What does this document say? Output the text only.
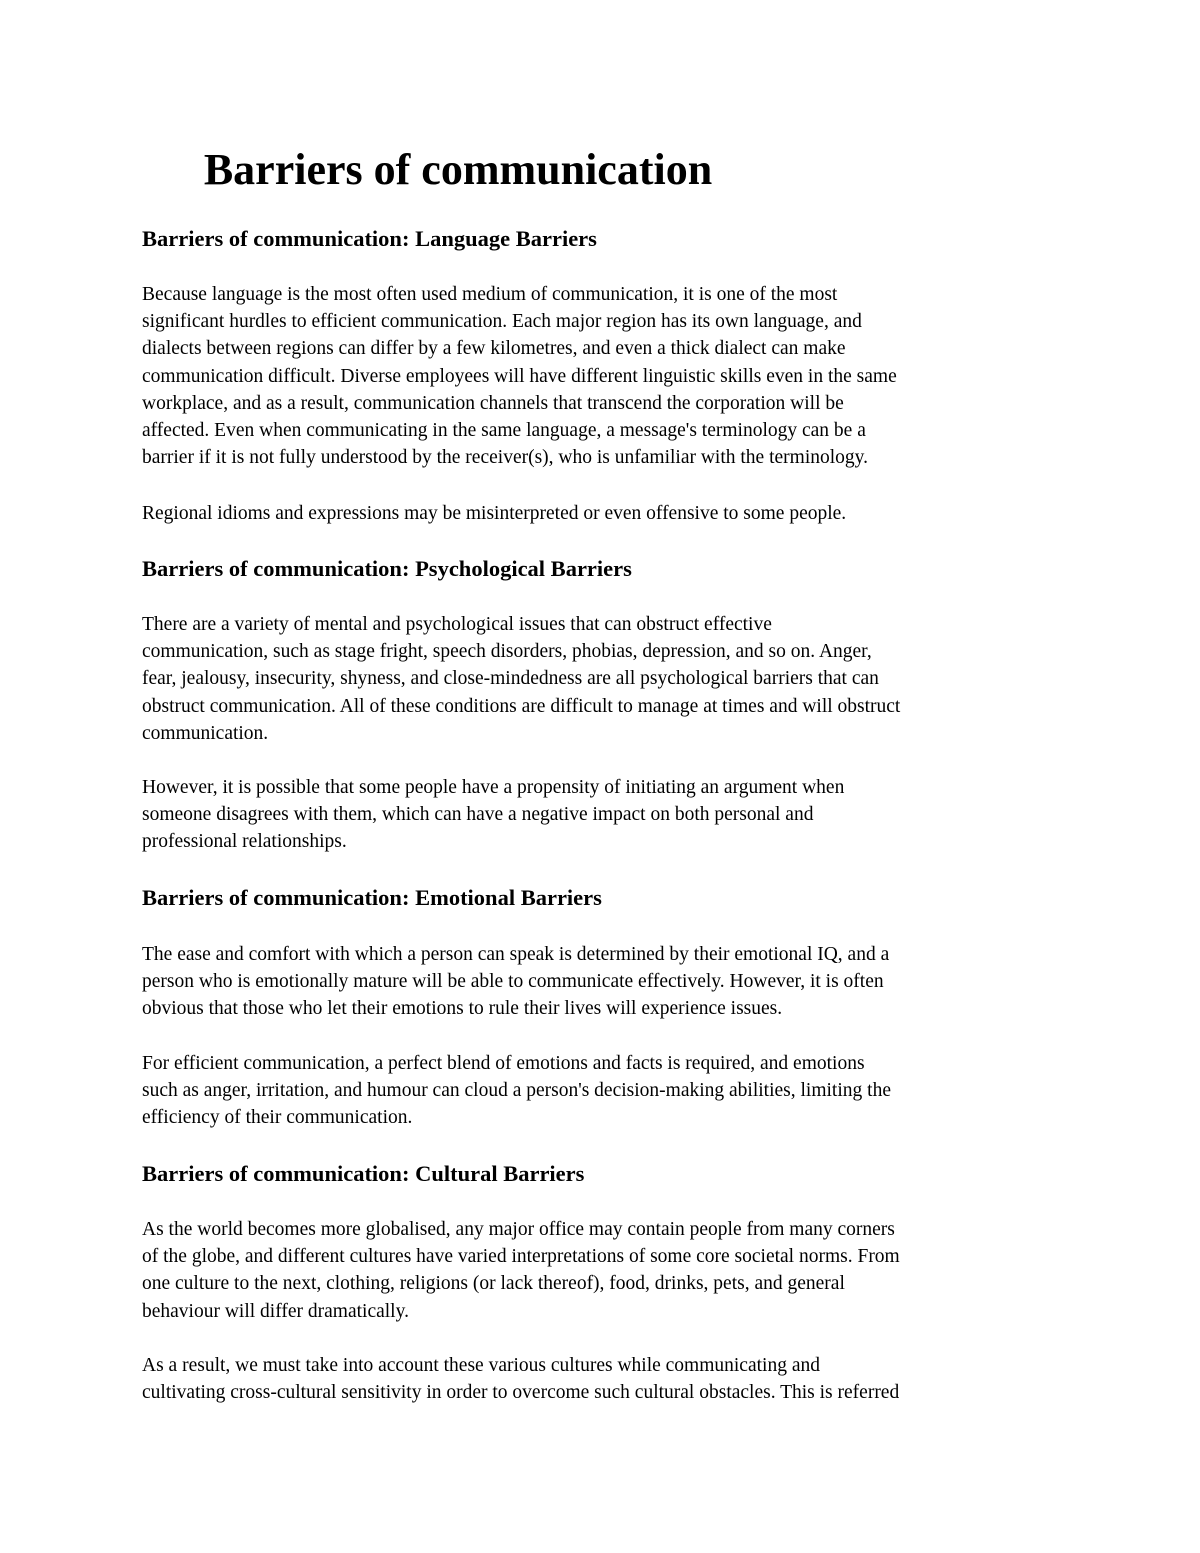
Barriers of communication
Barriers of communication: Language Barriers

Because language is the most often used medium of communication, it is one of the most
significant hurdles to efficient communication. Each major region has its own language, and
dialects between regions can differ by a few kilometres, and even a thick dialect can make
communication difficult. Diverse employees will have different linguistic skills even in the same
workplace, and as a result, communication channels that transcend the corporation will be
affected. Even when communicating in the same language, a message's terminology can be a
barrier if it is not fully understood by the receiver(s), who is unfamiliar with the terminology.

Regional idioms and expressions may be misinterpreted or even offensive to some people.

Barriers of communication: Psychological Barriers

There are a variety of mental and psychological issues that can obstruct effective
communication, such as stage fright, speech disorders, phobias, depression, and so on. Anger,
fear, jealousy, insecurity, shyness, and close-mindedness are all psychological barriers that can
obstruct communication. All of these conditions are difficult to manage at times and will obstruct
communication.

However, it is possible that some people have a propensity of initiating an argument when
someone disagrees with them, which can have a negative impact on both personal and
professional relationships.

Barriers of communication: Emotional Barriers

The ease and comfort with which a person can speak is determined by their emotional IQ, and a
person who is emotionally mature will be able to communicate effectively. However, it is often
obvious that those who let their emotions to rule their lives will experience issues.

For efficient communication, a perfect blend of emotions and facts is required, and emotions
such as anger, irritation, and humour can cloud a person's decision-making abilities, limiting the
efficiency of their communication.

Barriers of communication: Cultural Barriers

As the world becomes more globalised, any major office may contain people from many corners
of the globe, and different cultures have varied interpretations of some core societal norms. From
one culture to the next, clothing, religions (or lack thereof), food, drinks, pets, and general
behaviour will differ dramatically.

As a result, we must take into account these various cultures while communicating and
cultivating cross-cultural sensitivity in order to overcome such cultural obstacles. This is referred
